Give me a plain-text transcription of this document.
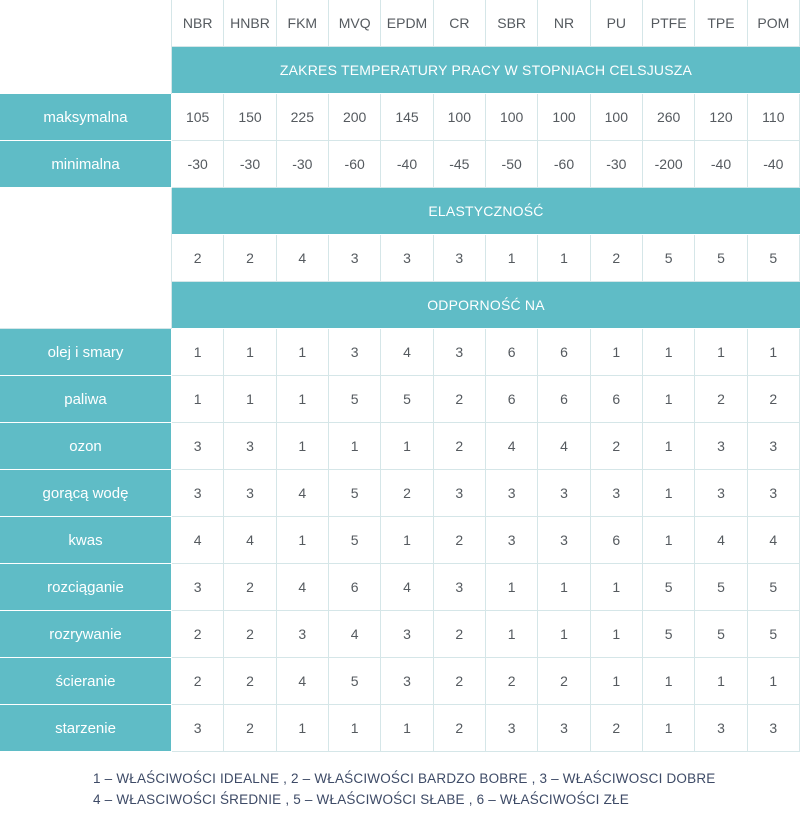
NBR	HNBR	FKM	MVQ	EPDM	CR	SBR	NR	PU	PTFE	TPE	POM
ZAKRES TEMPERATURY PRACY W STOPNIACH CELSJUSZA
maksymalna	105	150	225	200	145	100	100	100	100	260	120	110
minimalna	-30	-30	-30	-60	-40	-45	-50	-60	-30	-200	-40	-40
ELASTYCZNOŚĆ
2	2	4	3	3	3	1	1	2	5	5	5
ODPORNOŚĆ NA
olej i smary	1	1	1	3	4	3	6	6	1	1	1	1
paliwa	1	1	1	5	5	2	6	6	6	1	2	2
ozon	3	3	1	1	1	2	4	4	2	1	3	3
gorącą wodę	3	3	4	5	2	3	3	3	3	1	3	3
kwas	4	4	1	5	1	2	3	3	6	1	4	4
rozciąganie	3	2	4	6	4	3	1	1	1	5	5	5
rozrywanie	2	2	3	4	3	2	1	1	1	5	5	5
ścieranie	2	2	4	5	3	2	2	2	1	1	1	1
starzenie	3	2	1	1	1	2	3	3	2	1	3	3
1 – WŁAŚCIWOŚCI IDEALNE , 2 – WŁAŚCIWOŚCI BARDZO BOBRE , 3 – WŁAŚCIWOSCI DOBRE
4 – WŁASCIWOŚCI ŚREDNIE , 5 – WŁAŚCIWOŚCI SŁABE , 6 – WŁAŚCIWOŚCI ZŁE
